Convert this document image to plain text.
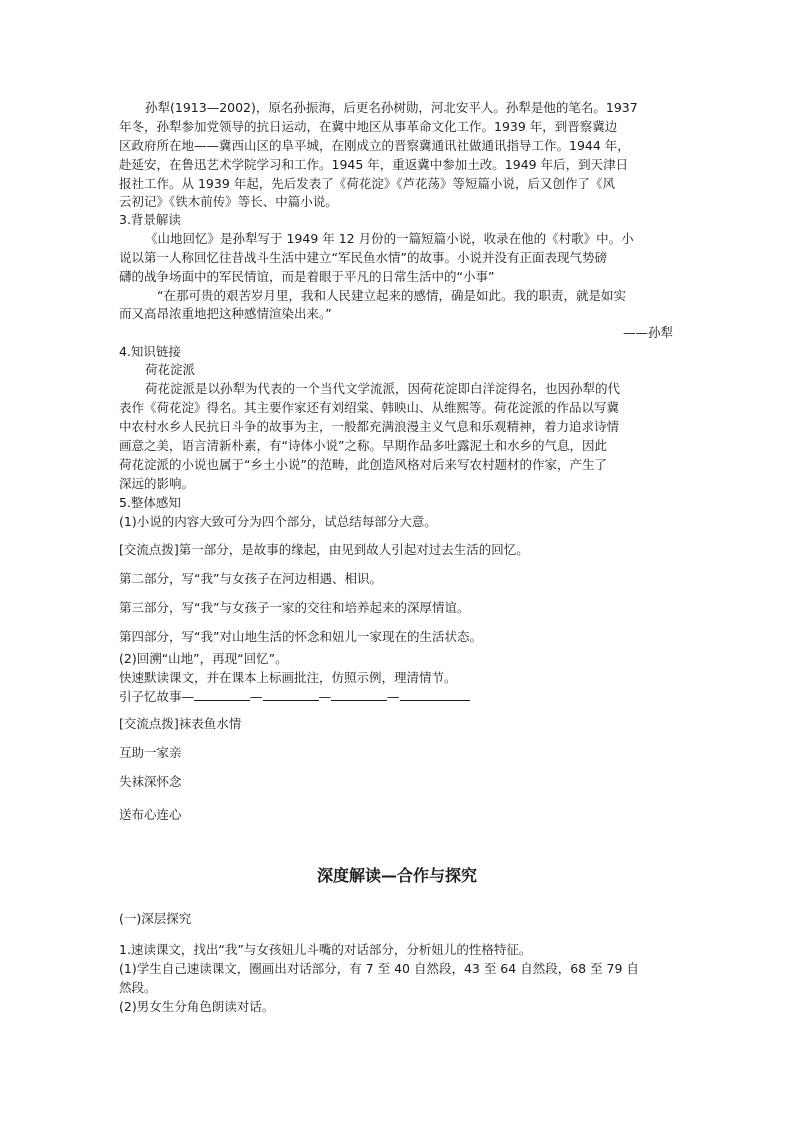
孙犁(1913—2002)，原名孙振海，后更名孙树勋，河北安平人。孙犁是他的笔名。1937
年冬，孙犁参加党领导的抗日运动，在冀中地区从事革命文化工作。1939 年，到晋察冀边
区政府所在地——冀西山区的阜平城，在刚成立的晋察冀通讯社做通讯指导工作。1944 年，
赴延安，在鲁迅艺术学院学习和工作。1945 年，重返冀中参加土改。1949 年后，到天津日
报社工作。从 1939 年起，先后发表了《荷花淀》《芦花荡》等短篇小说，后又创作了《风
云初记》《铁木前传》等长、中篇小说。
3.背景解读
《山地回忆》是孙犁写于 1949 年 12 月份的一篇短篇小说，收录在他的《村歌》中。小
说以第一人称回忆往昔战斗生活中建立“军民鱼水情”的故事。小说并没有正面表现气势磅
礴的战争场面中的军民情谊，而是着眼于平凡的日常生活中的“小事”
“在那可贵的艰苦岁月里，我和人民建立起来的感情，确是如此。我的职责，就是如实
而又高昂浓重地把这种感情渲染出来。”
——孙犁
4.知识链接
荷花淀派
荷花淀派是以孙犁为代表的一个当代文学流派，因荷花淀即白洋淀得名，也因孙犁的代
表作《荷花淀》得名。其主要作家还有刘绍棠、韩映山、从维熙等。荷花淀派的作品以写冀
中农村水乡人民抗日斗争的故事为主，一般都充满浪漫主义气息和乐观精神，着力追求诗情
画意之美，语言清新朴素，有“诗体小说”之称。早期作品多吐露泥土和水乡的气息，因此
荷花淀派的小说也属于“乡土小说”的范畴，此创造风格对后来写农村题材的作家，产生了
深远的影响。
5.整体感知
(1)小说的内容大致可分为四个部分，试总结每部分大意。
[交流点拨]第一部分，是故事的缘起，由见到故人引起对过去生活的回忆。
第二部分，写“我”与女孩子在河边相遇、相识。
第三部分，写“我”与女孩子一家的交往和培养起来的深厚情谊。
第四部分，写“我”对山地生活的怀念和妞儿一家现在的生活状态。
(2)回溯“山地”，再现“回忆”。
快速默读课文，并在课本上标画批注，仿照示例，理清情节。
引子忆故事—	—	—	—
[交流点拨]袜表鱼水情
互助一家亲
失袜深怀念
送布心连心
深度解读—合作与探究
(一)深层探究
1.速读课文，找出“我”与女孩妞儿斗嘴的对话部分，分析妞儿的性格特征。
(1)学生自己速读课文，圈画出对话部分，有 7 至 40 自然段，43 至 64 自然段，68 至 79 自
然段。
(2)男女生分角色朗读对话。
